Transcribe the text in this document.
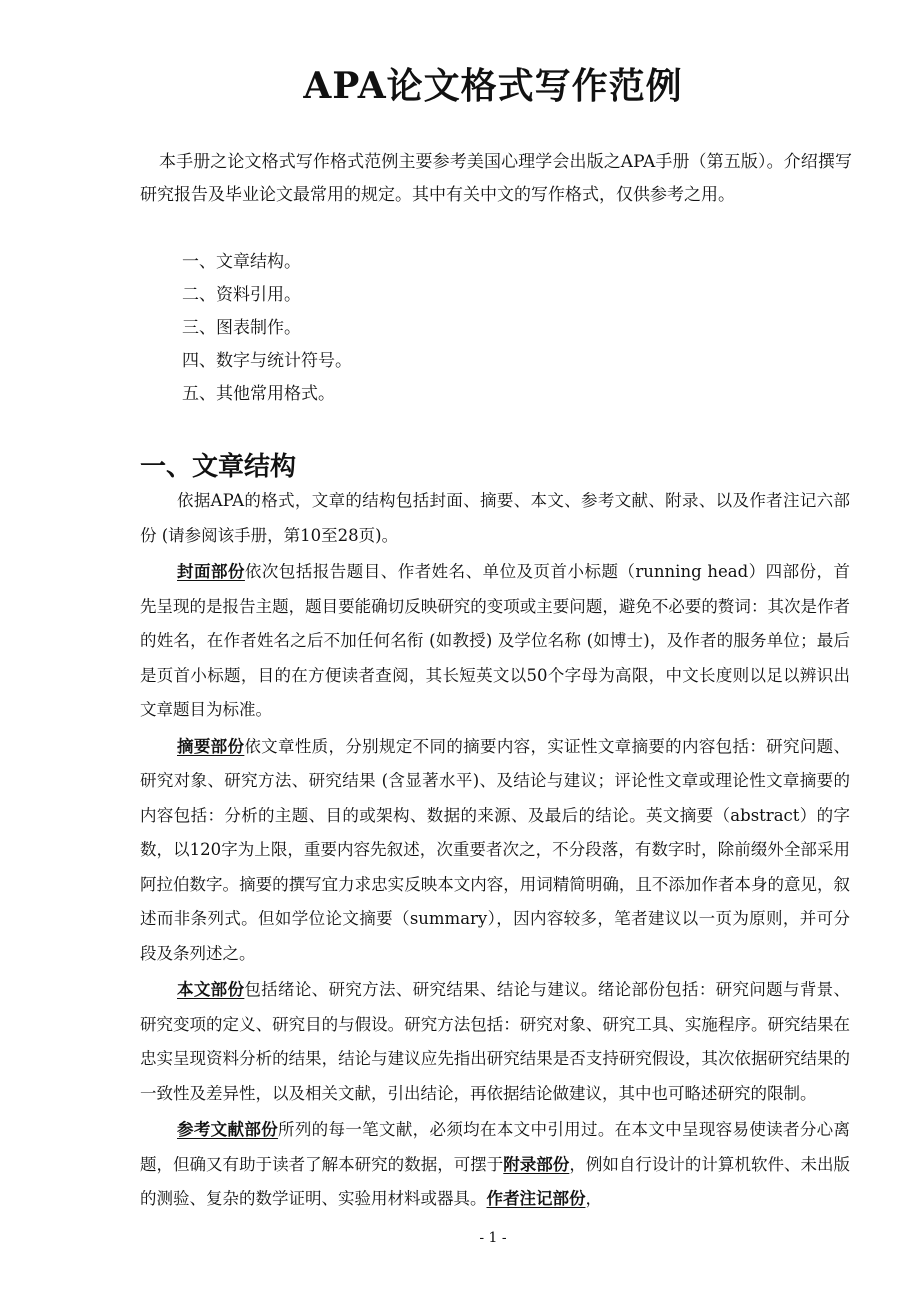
APA论文格式写作范例

本手册之论文格式写作格式范例主要参考美国心理学会出版之APA手册（第五版）。介绍撰写研究报告及毕业论文最常用的规定。其中有关中文的写作格式，仅供参考之用。

一、文章结构。
二、资料引用。
三、图表制作。
四、数字与统计符号。
五、其他常用格式。
一、文章结构

依据APA的格式，文章的结构包括封面、摘要、本文、参考文献、附录、以及作者注记六部份 (请参阅该手册，第10至28页)。

封面部份依次包括报告题目、作者姓名、单位及页首小标题（running head）四部份，首先呈现的是报告主题，题目要能确切反映研究的变项或主要问题，避免不必要的赘词：其次是作者的姓名，在作者姓名之后不加任何名衔 (如教授) 及学位名称 (如博士)，及作者的服务单位；最后是页首小标题，目的在方便读者查阅，其长短英文以50个字母为高限，中文长度则以足以辨识出文章题目为标准。

摘要部份依文章性质，分别规定不同的摘要内容，实证性文章摘要的内容包括：研究问题、研究对象、研究方法、研究结果 (含显著水平)、及结论与建议；评论性文章或理论性文章摘要的内容包括：分析的主题、目的或架构、数据的来源、及最后的结论。英文摘要（abstract）的字数，以120字为上限，重要内容先叙述，次重要者次之，不分段落，有数字时，除前缀外全部采用阿拉伯数字。摘要的撰写宜力求忠实反映本文内容，用词精简明确，且不添加作者本身的意见，叙述而非条列式。但如学位论文摘要（summary），因内容较多，笔者建议以一页为原则，并可分段及条列述之。

本文部份包括绪论、研究方法、研究结果、结论与建议。绪论部份包括：研究问题与背景、研究变项的定义、研究目的与假设。研究方法包括：研究对象、研究工具、实施程序。研究结果在忠实呈现资料分析的结果，结论与建议应先指出研究结果是否支持研究假设，其次依据研究结果的一致性及差异性，以及相关文献，引出结论，再依据结论做建议，其中也可略述研究的限制。

参考文献部份所列的每一笔文献，必须均在本文中引用过。在本文中呈现容易使读者分心离题，但确又有助于读者了解本研究的数据，可摆于附录部份，例如自行设计的计算机软件、未出版的测验、复杂的数学证明、实验用材料或器具。作者注记部份，

- 1 -
